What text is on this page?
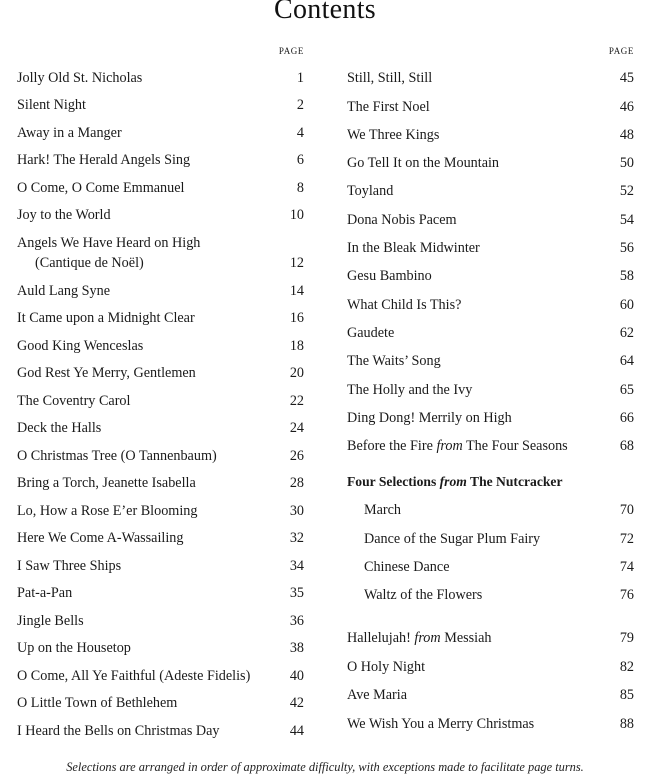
Contents
PAGE
Jolly Old St. Nicholas	1
Silent Night	2
Away in a Manger	4
Hark! The Herald Angels Sing	6
O Come, O Come Emmanuel	8
Joy to the World	10
Angels We Have Heard on High
(Cantique de Noël)	12
Auld Lang Syne	14
It Came upon a Midnight Clear	16
Good King Wenceslas	18
God Rest Ye Merry, Gentlemen	20
The Coventry Carol	22
Deck the Halls	24
O Christmas Tree (O Tannenbaum)	26
Bring a Torch, Jeanette Isabella	28
Lo, How a Rose E’er Blooming	30
Here We Come A-Wassailing	32
I Saw Three Ships	34
Pat-a-Pan	35
Jingle Bells	36
Up on the Housetop	38
O Come, All Ye Faithful (Adeste Fidelis)	40
O Little Town of Bethlehem	42
I Heard the Bells on Christmas Day	44
PAGE
Still, Still, Still	45
The First Noel	46
We Three Kings	48
Go Tell It on the Mountain	50
Toyland	52
Dona Nobis Pacem	54
In the Bleak Midwinter	56
Gesu Bambino	58
What Child Is This?	60
Gaudete	62
The Waits’ Song	64
The Holly and the Ivy	65
Ding Dong! Merrily on High	66
Before the Fire from The Four Seasons	68
Four Selections from The Nutcracker
March	70
Dance of the Sugar Plum Fairy	72
Chinese Dance	74
Waltz of the Flowers	76
Hallelujah! from Messiah	79
O Holy Night	82
Ave Maria	85
We Wish You a Merry Christmas	88
Selections are arranged in order of approximate difficulty, with exceptions made to facilitate page turns.
